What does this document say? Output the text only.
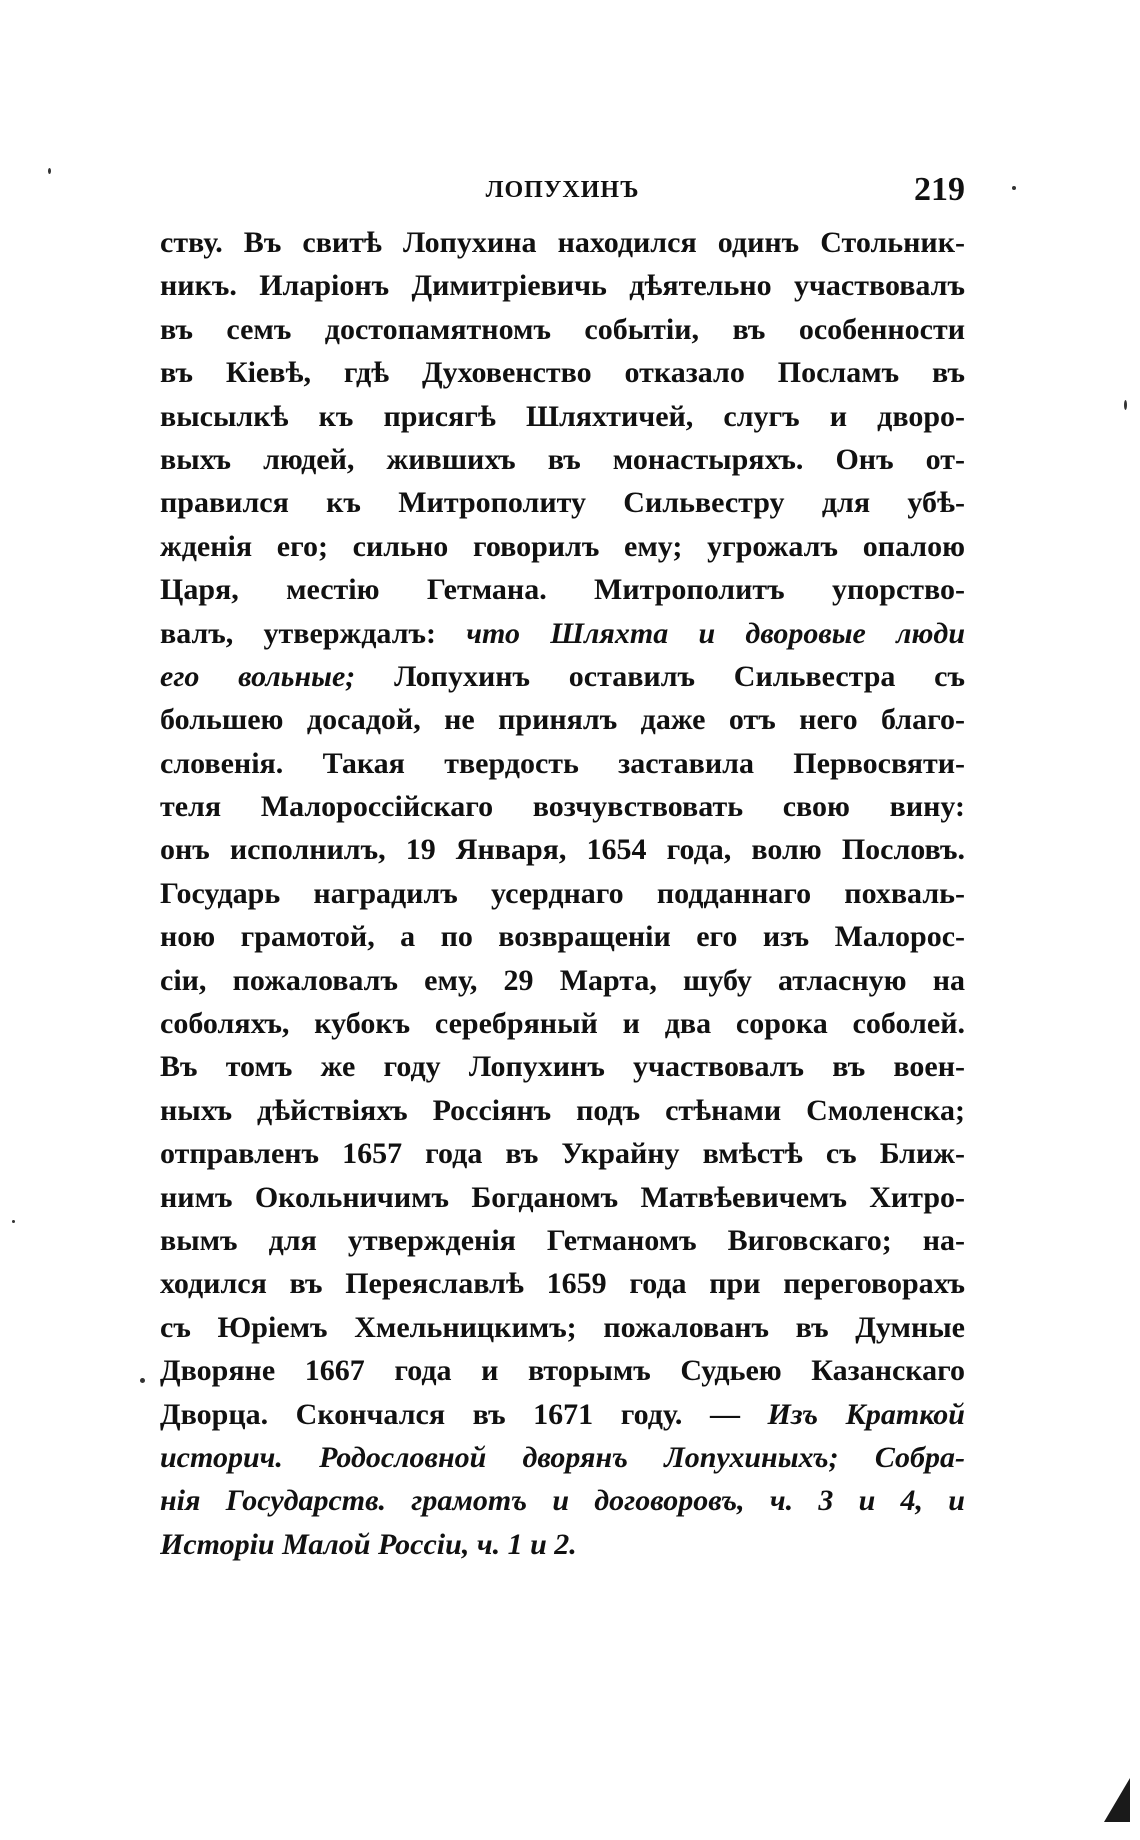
ЛОПУХИНЪ	219
ству. Въ свитѣ Лопухина находился одинъ Стольник-
никъ. Иларіонъ Димитріевичь дѣятельно участвовалъ
въ семъ достопамятномъ событіи, въ особенности
въ Кіевѣ, гдѣ Духовенство отказало Посламъ въ
высылкѣ къ присягѣ Шляхтичей, слугъ и дворо-
выхъ людей, жившихъ въ монастыряхъ. Онъ от-
правился къ Митрополиту Сильвестру для убѣ-
жденія его; сильно говорилъ ему; угрожалъ опалою
Царя, местію Гетмана. Митрополитъ упорство-
валъ, утверждалъ: что Шляхта и дворовые люди
его вольные; Лопухинъ оставилъ Сильвестра съ
большею досадой, не принялъ даже отъ него благо-
словенія. Такая твердость заставила Первосвяти-
теля Малороссійскаго возчувствовать свою вину:
онъ исполнилъ, 19 Января, 1654 года, волю Пословъ.
Государь наградилъ усерднаго подданнаго похваль-
ною грамотой, а по возвращеніи его изъ Малорос-
сіи, пожаловалъ ему, 29 Марта, шубу атласную на
соболяхъ, кубокъ серебряный и два сорока соболей.
Въ томъ же году Лопухинъ участвовалъ въ воен-
ныхъ дѣйствіяхъ Россіянъ подъ стѣнами Смоленска;
отправленъ 1657 года въ Украйну вмѣстѣ съ Ближ-
нимъ Окольничимъ Богданомъ Матвѣевичемъ Хитро-
вымъ для утвержденія Гетманомъ Виговскаго; на-
ходился въ Переяславлѣ 1659 года при переговорахъ
съ Юріемъ Хмельницкимъ; пожалованъ въ Думные
Дворяне 1667 года и вторымъ Судьею Казанскаго
Дворца. Скончался въ 1671 году. — Изъ Краткой
историч. Родословной дворянъ Лопухиныхъ; Собра-
нія Государств. грамотъ и договоровъ, ч. 3 и 4, и
Исторіи Малой Россіи, ч. 1 и 2.
